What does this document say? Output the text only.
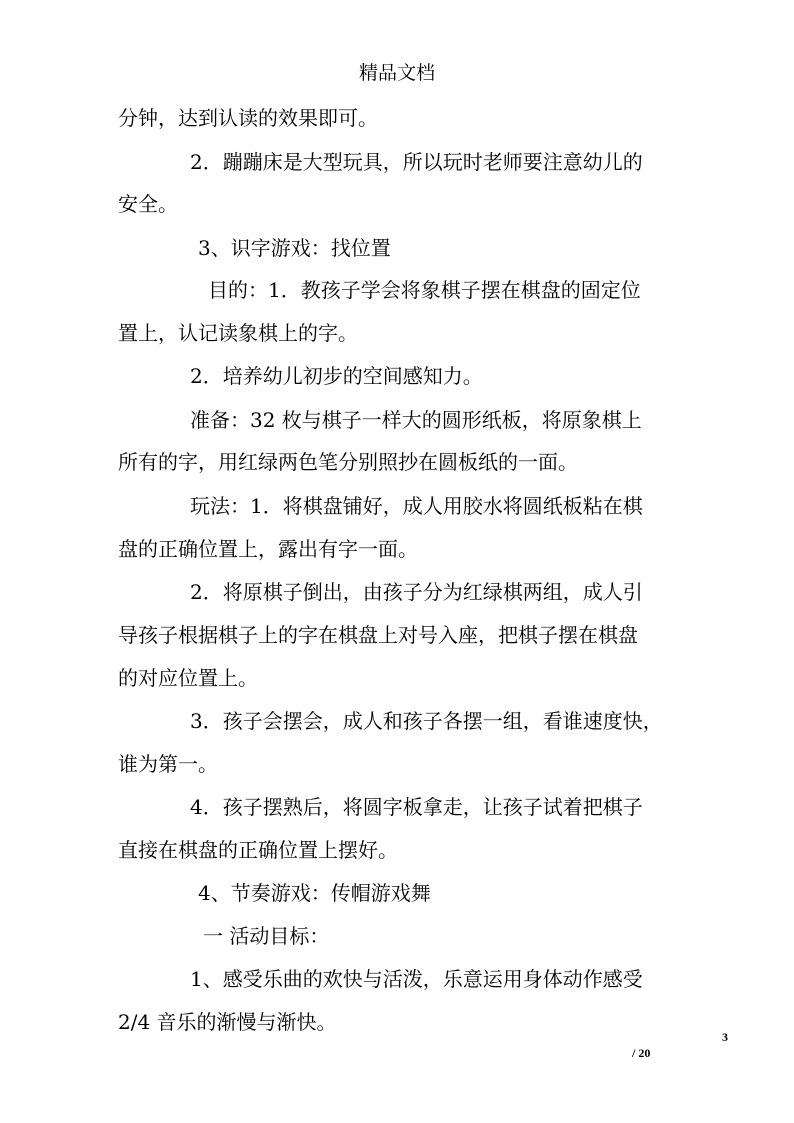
精品文档
分钟，达到认读的效果即可。
2．蹦蹦床是大型玩具，所以玩时老师要注意幼儿的
安全。
3、识字游戏：找位置
目的：1．教孩子学会将象棋子摆在棋盘的固定位
置上，认记读象棋上的字。
2．培养幼儿初步的空间感知力。
准备：32 枚与棋子一样大的圆形纸板，将原象棋上
所有的字，用红绿两色笔分别照抄在圆板纸的一面。
玩法：1．将棋盘铺好，成人用胶水将圆纸板粘在棋
盘的正确位置上，露出有字一面。
2．将原棋子倒出，由孩子分为红绿棋两组，成人引
导孩子根据棋子上的字在棋盘上对号入座，把棋子摆在棋盘
的对应位置上。
3．孩子会摆会，成人和孩子各摆一组，看谁速度快，
谁为第一。
4．孩子摆熟后，将圆字板拿走，让孩子试着把棋子
直接在棋盘的正确位置上摆好。
4、节奏游戏：传帽游戏舞
一 活动目标：
1、感受乐曲的欢快与活泼，乐意运用身体动作感受
2/4 音乐的渐慢与渐快。
3
/ 20
